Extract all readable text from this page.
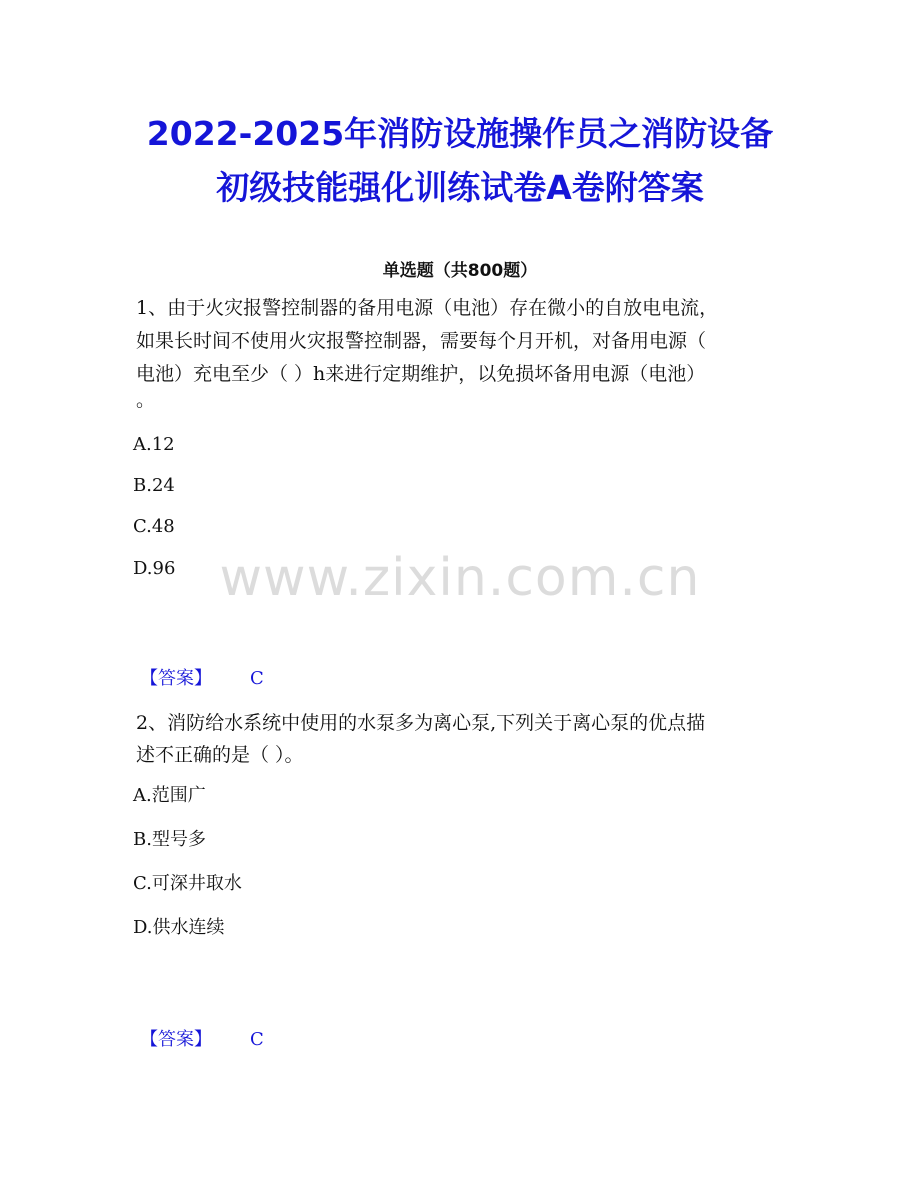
2022-2025年消防设施操作员之消防设备
初级技能强化训练试卷A卷附答案
单选题（共800题）
www.zixin.com.cn
1、由于火灾报警控制器的备用电源（电池）存在微小的自放电电流，
如果长时间不使用火灾报警控制器，需要每个月开机，对备用电源（
电池）充电至少（ ）h来进行定期维护，以免损坏备用电源（电池）
。
A.12
B.24
C.48
D.96
【答案】 C
2、消防给水系统中使用的水泵多为离心泵,下列关于离心泵的优点描
述不正确的是（ ）。
A.范围广
B.型号多
C.可深井取水
D.供水连续
【答案】 C
